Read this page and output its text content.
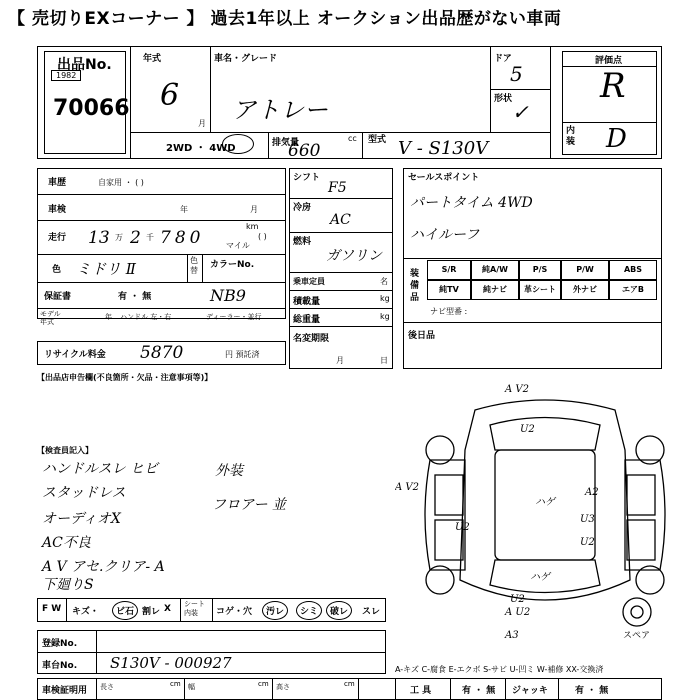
【 売切りEXコーナー 】 過去1年以上 オークション出品歴がない車両
出品No.
1982
70066
年式
6
月
車名・グレード
アトレー
ドア
5
形状
✓
評価点
R
内装 D
2WD ・ 4WD	排気量
660
cc 型式 V - S130V
車歴	自家用 ・ ( )
車検	年	月
走行 13 万 2 千 780
km
マイル
( )
色 ミドリ Ⅱ	色替
カラーNo.
保証書	有 ・ 無	NB9
モデル年式
年 ハンドル 左・右	ディーラー・並行
リサイクル料金 5870	円 預託済
【出品店申告欄(不良箇所・欠品・注意事項等)】
シフト
F5
冷房
AC
燃料
ガソリン
乗車定員	名
積載量	kg
総重量	kg
名変期限
月	日
セールスポイント
パートタイム 4WD
ハイルーフ
装備品
S/R	純A/W	P/S	P/W	ABS
純TV	純ナビ	革シート	外ナビ	エアB
ナビ型番 :
後日品
【検査員記入】
ハンドルスレ ヒビ
スタッドレス
オーディオX
AC不良
A V アセ.クリア- A
下廻りS
外装
フロアー 並
F W キズ・ ビ石 割レ X シート内装	コゲ・穴 汚レ シミ 破レ スレ
A V2
U2
U2
ハゲ
A V2	A2
U3
U2
A U2
ハゲ
U2
A3	スペア
登録No.
車台No. S130V - 000927	A-キズ C-腐食 E-エクボ S-サビ U-凹ミ W-補修 XX-交換済
車検証明用 長さ	cm 幅	cm 高さ	cm
工 具	有 ・ 無 ジャッキ	有 ・ 無
